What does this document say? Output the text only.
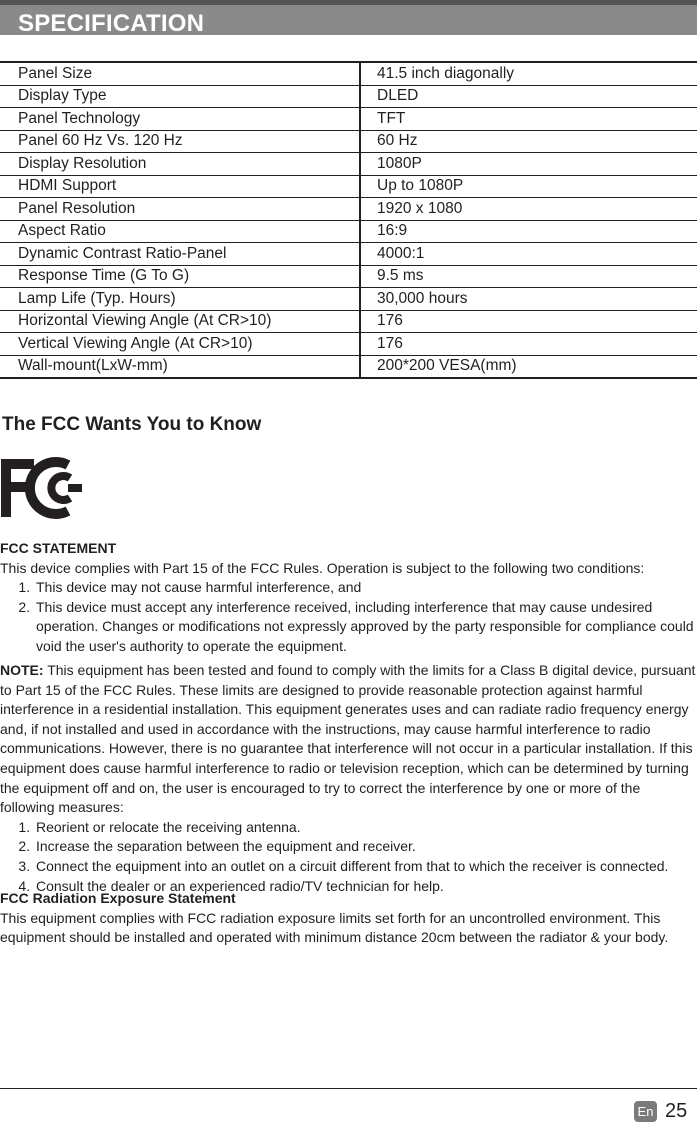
SPECIFICATION
Panel Size	41.5 inch diagonally
Display Type	DLED
Panel Technology	TFT
Panel 60 Hz Vs. 120 Hz	60 Hz
Display Resolution	1080P
HDMI Support	Up to 1080P
Panel Resolution	1920 x 1080
Aspect Ratio	16:9
Dynamic Contrast Ratio-Panel	4000:1
Response Time (G To G)	9.5 ms
Lamp Life (Typ. Hours)	30,000 hours
Horizontal Viewing Angle (At CR>10)	176
Vertical Viewing Angle (At CR>10)	176
Wall-mount(LxW-mm)	200*200 VESA(mm)
The FCC Wants You to Know
FCC STATEMENT
This device complies with Part 15 of the FCC Rules. Operation is subject to the following two conditions:
1. This device may not cause harmful interference, and
2. This device must accept any interference received, including interference that may cause undesired operation. Changes or modifications not expressly approved by the party responsible for compliance could void the user's authority to operate the equipment.
NOTE: This equipment has been tested and found to comply with the limits for a Class B digital device, pursuant to Part 15 of the FCC Rules. These limits are designed to provide reasonable protection against harmful interference in a residential installation. This equipment generates uses and can radiate radio frequency energy and, if not installed and used in accordance with the instructions, may cause harmful interference to radio communications. However, there is no guarantee that interference will not occur in a particular installation. If this equipment does cause harmful interference to radio or television reception, which can be determined by turning the equipment off and on, the user is encouraged to try to correct the interference by one or more of the following measures:
1. Reorient or relocate the receiving antenna.
2. Increase the separation between the equipment and receiver.
3. Connect the equipment into an outlet on a circuit different from that to which the receiver is connected.
4. Consult the dealer or an experienced radio/TV technician for help.
FCC Radiation Exposure Statement
This equipment complies with FCC radiation exposure limits set forth for an uncontrolled environment. This equipment should be installed and operated with minimum distance 20cm between the radiator & your body.
En 25
